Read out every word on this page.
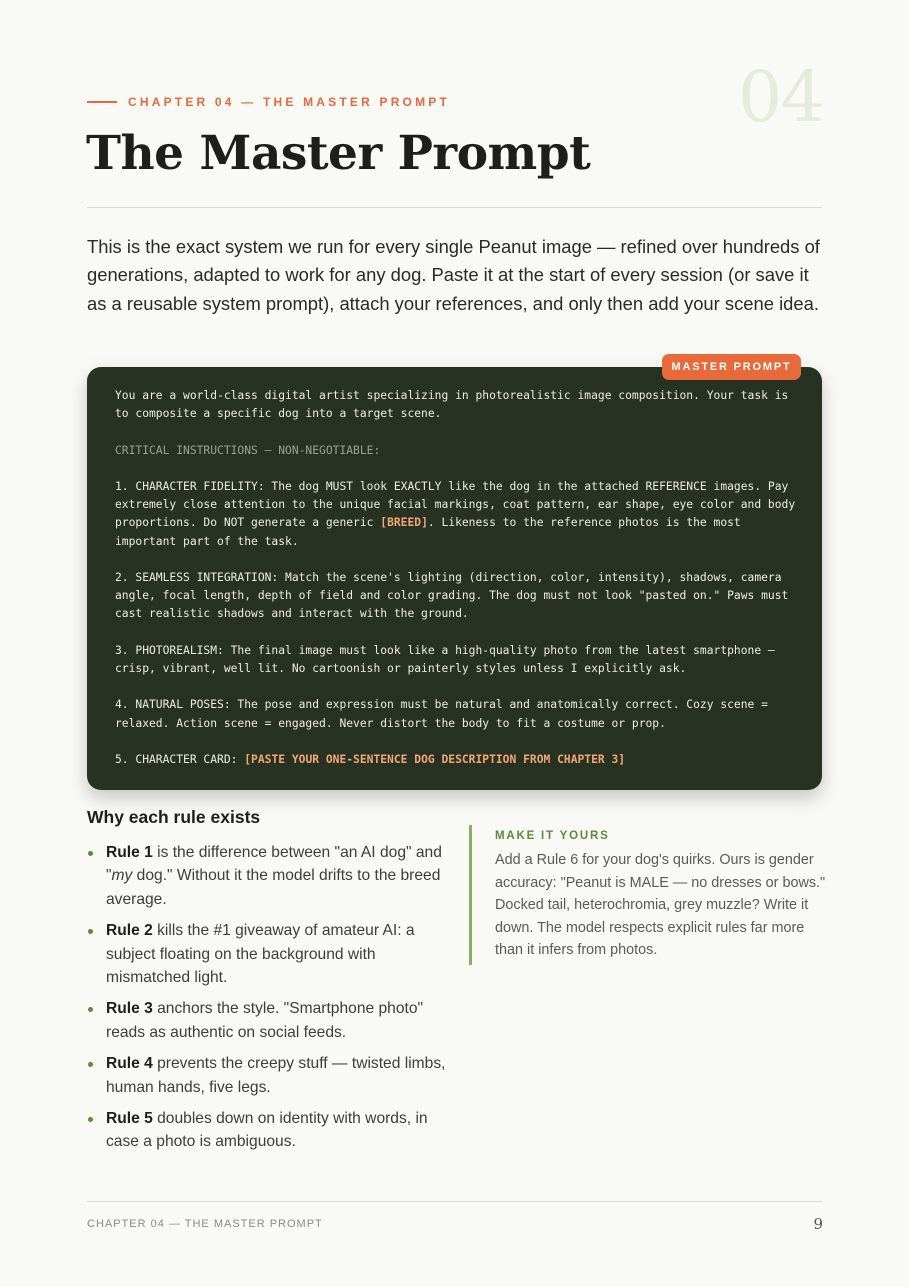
CHAPTER 04 — THE MASTER PROMPT	04
The Master Prompt

This is the exact system we run for every single Peanut image — refined over hundreds of generations, adapted to work for any dog. Paste it at the start of every session (or save it as a reusable system prompt), attach your references, and only then add your scene idea.

You are a world-class digital artist specializing in photorealistic image composition. Your task is to composite a specific dog into a target scene.

CRITICAL INSTRUCTIONS — NON-NEGOTIABLE:

1. CHARACTER FIDELITY: The dog MUST look EXACTLY like the dog in the attached REFERENCE images. Pay extremely close attention to the unique facial markings, coat pattern, ear shape, eye color and body proportions. Do NOT generate a generic [BREED]. Likeness to the reference photos is the most important part of the task.

2. SEAMLESS INTEGRATION: Match the scene's lighting (direction, color, intensity), shadows, camera angle, focal length, depth of field and color grading. The dog must not look "pasted on." Paws must cast realistic shadows and interact with the ground.

3. PHOTOREALISM: The final image must look like a high-quality photo from the latest smartphone — crisp, vibrant, well lit. No cartoonish or painterly styles unless I explicitly ask.

4. NATURAL POSES: The pose and expression must be natural and anatomically correct. Cozy scene = relaxed. Action scene = engaged. Never distort the body to fit a costume or prop.

5. CHARACTER CARD: [PASTE YOUR ONE-SENTENCE DOG DESCRIPTION FROM CHAPTER 3]

MASTER PROMPT
Why each rule exists
Rule 1 is the difference between "an AI dog" and "my dog." Without it the model drifts to the breed average.
Rule 2 kills the #1 giveaway of amateur AI: a subject floating on the background with mismatched light.
Rule 3 anchors the style. "Smartphone photo" reads as authentic on social feeds.
Rule 4 prevents the creepy stuff — twisted limbs, human hands, five legs.
Rule 5 doubles down on identity with words, in case a photo is ambiguous.
MAKE IT YOURS

Add a Rule 6 for your dog's quirks. Ours is gender accuracy: "Peanut is MALE — no dresses or bows." Docked tail, heterochromia, grey muzzle? Write it down. The model respects explicit rules far more than it infers from photos.

CHAPTER 04 — THE MASTER PROMPT	9
